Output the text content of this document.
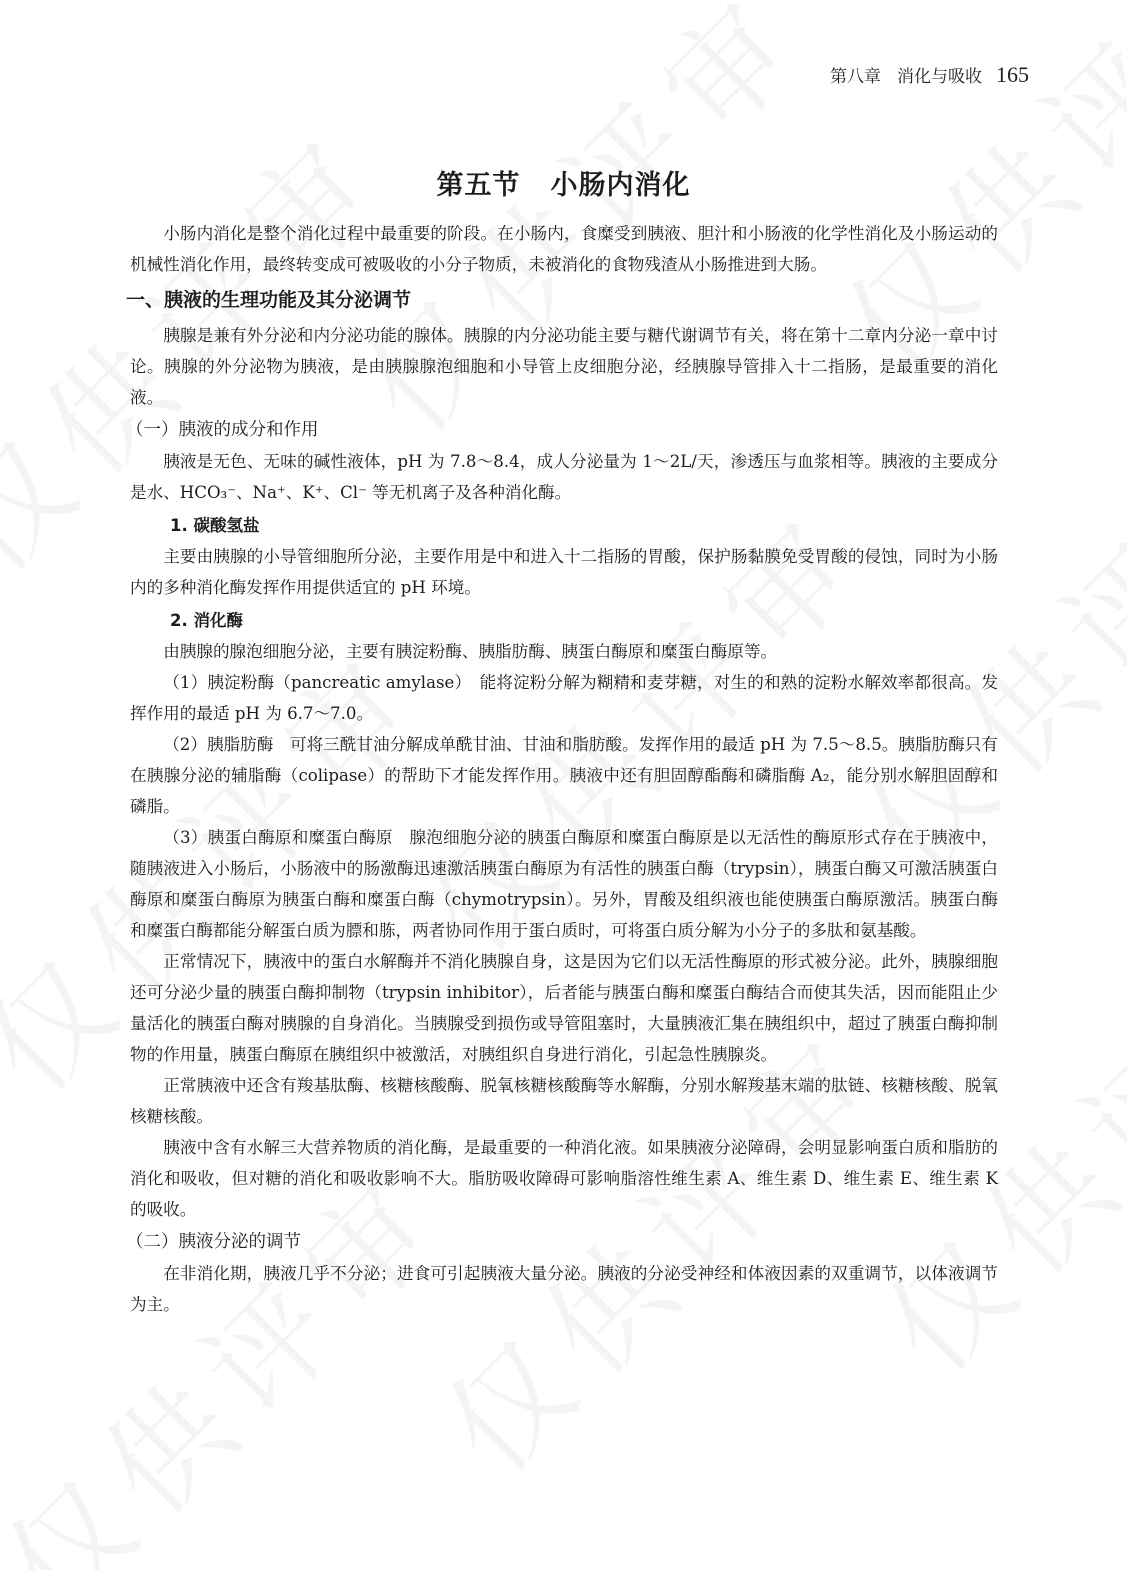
第八章 消化与吸收 165
第五节 小肠内消化

小肠内消化是整个消化过程中最重要的阶段。在小肠内，食糜受到胰液、胆汁和小肠液的化学性消化及小肠运动的机械性消化作用，最终转变成可被吸收的小分子物质，未被消化的食物残渣从小肠推进到大肠。

一、胰液的生理功能及其分泌调节

胰腺是兼有外分泌和内分泌功能的腺体。胰腺的内分泌功能主要与糖代谢调节有关，将在第十二章内分泌一章中讨论。胰腺的外分泌物为胰液，是由胰腺腺泡细胞和小导管上皮细胞分泌，经胰腺导管排入十二指肠，是最重要的消化液。

（一）胰液的成分和作用

胰液是无色、无味的碱性液体，pH 为 7.8～8.4，成人分泌量为 1～2L/天，渗透压与血浆相等。胰液的主要成分是水、HCO₃⁻、Na⁺、K⁺、Cl⁻ 等无机离子及各种消化酶。

1. 碳酸氢盐

主要由胰腺的小导管细胞所分泌，主要作用是中和进入十二指肠的胃酸，保护肠黏膜免受胃酸的侵蚀，同时为小肠内的多种消化酶发挥作用提供适宜的 pH 环境。

2. 消化酶

由胰腺的腺泡细胞分泌，主要有胰淀粉酶、胰脂肪酶、胰蛋白酶原和糜蛋白酶原等。

（1）胰淀粉酶（pancreatic amylase）　能将淀粉分解为糊精和麦芽糖，对生的和熟的淀粉水解效率都很高。发挥作用的最适 pH 为 6.7～7.0。

（2）胰脂肪酶　可将三酰甘油分解成单酰甘油、甘油和脂肪酸。发挥作用的最适 pH 为 7.5～8.5。胰脂肪酶只有在胰腺分泌的辅脂酶（colipase）的帮助下才能发挥作用。胰液中还有胆固醇酯酶和磷脂酶 A₂，能分别水解胆固醇和磷脂。

（3）胰蛋白酶原和糜蛋白酶原　腺泡细胞分泌的胰蛋白酶原和糜蛋白酶原是以无活性的酶原形式存在于胰液中，随胰液进入小肠后，小肠液中的肠激酶迅速激活胰蛋白酶原为有活性的胰蛋白酶（trypsin），胰蛋白酶又可激活胰蛋白酶原和糜蛋白酶原为胰蛋白酶和糜蛋白酶（chymotrypsin）。另外，胃酸及组织液也能使胰蛋白酶原激活。胰蛋白酶和糜蛋白酶都能分解蛋白质为膘和胨，两者协同作用于蛋白质时，可将蛋白质分解为小分子的多肽和氨基酸。

正常情况下，胰液中的蛋白水解酶并不消化胰腺自身，这是因为它们以无活性酶原的形式被分泌。此外，胰腺细胞还可分泌少量的胰蛋白酶抑制物（trypsin inhibitor），后者能与胰蛋白酶和糜蛋白酶结合而使其失活，因而能阻止少量活化的胰蛋白酶对胰腺的自身消化。当胰腺受到损伤或导管阻塞时，大量胰液汇集在胰组织中，超过了胰蛋白酶抑制物的作用量，胰蛋白酶原在胰组织中被激活，对胰组织自身进行消化，引起急性胰腺炎。

正常胰液中还含有羧基肽酶、核糖核酸酶、脱氧核糖核酸酶等水解酶，分别水解羧基末端的肽链、核糖核酸、脱氧核糖核酸。

胰液中含有水解三大营养物质的消化酶，是最重要的一种消化液。如果胰液分泌障碍，会明显影响蛋白质和脂肪的消化和吸收，但对糖的消化和吸收影响不大。脂肪吸收障碍可影响脂溶性维生素 A、维生素 D、维生素 E、维生素 K 的吸收。

（二）胰液分泌的调节

在非消化期，胰液几乎不分泌；进食可引起胰液大量分泌。胰液的分泌受神经和体液因素的双重调节，以体液调节为主。
